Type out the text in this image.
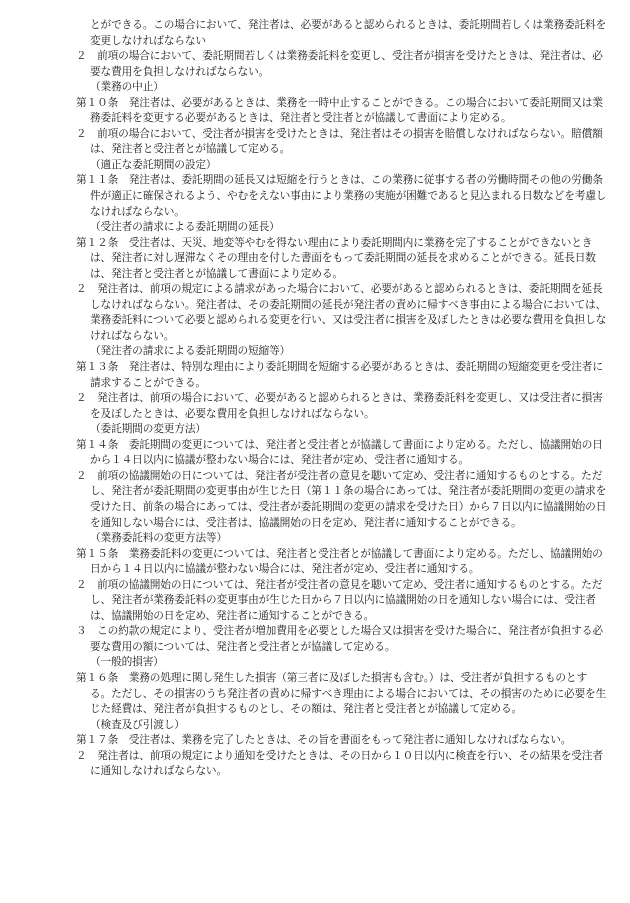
とができる。この場合において、発注者は、必要があると認められるときは、委託期間若しくは業務委託料を変更しなければならない

２　前項の場合において、委託期間若しくは業務委託料を変更し、受注者が損害を受けたときは、発注者は、必要な費用を負担しなければならない。

（業務の中止）

第１０条　発注者は、必要があるときは、業務を一時中止することができる。この場合において委託期間又は業務委託料を変更する必要があるときは、発注者と受注者とが協議して書面により定める。

２　前項の場合において、受注者が損害を受けたときは、発注者はその損害を賠償しなければならない。賠償額は、発注者と受注者とが協議して定める。

（適正な委託期間の設定）

第１１条　発注者は、委託期間の延長又は短縮を行うときは、この業務に従事する者の労働時間その他の労働条件が適正に確保されるよう、やむをえない事由により業務の実施が困難であると見込まれる日数などを考慮しなければならない。

（受注者の請求による委託期間の延長）

第１２条　受注者は、天災、地変等やむを得ない理由により委託期間内に業務を完了することができないときは、発注者に対し遅滞なくその理由を付した書面をもって委託期間の延長を求めることができる。延長日数は、発注者と受注者とが協議して書面により定める。

２　発注者は、前項の規定による請求があった場合において、必要があると認められるときは、委託期間を延長しなければならない。発注者は、その委託期間の延長が発注者の責めに帰すべき事由による場合においては、業務委託料について必要と認められる変更を行い、又は受注者に損害を及ぼしたときは必要な費用を負担しなければならない。

（発注者の請求による委託期間の短縮等）

第１３条　発注者は、特別な理由により委託期間を短縮する必要があるときは、委託期間の短縮変更を受注者に請求することができる。

２　発注者は、前項の場合において、必要があると認められるときは、業務委託料を変更し、又は受注者に損害を及ぼしたときは、必要な費用を負担しなければならない。

（委託期間の変更方法）

第１４条　委託期間の変更については、発注者と受注者とが協議して書面により定める。ただし、協議開始の日から１４日以内に協議が整わない場合には、発注者が定め、受注者に通知する。

２　前項の協議開始の日については、発注者が受注者の意見を聴いて定め、受注者に通知するものとする。ただし、発注者が委託期間の変更事由が生じた日（第１１条の場合にあっては、発注者が委託期間の変更の請求を受けた日、前条の場合にあっては、受注者が委託期間の変更の請求を受けた日）から７日以内に協議開始の日を通知しない場合には、受注者は、協議開始の日を定め、発注者に通知することができる。

（業務委託料の変更方法等）

第１５条　業務委託料の変更については、発注者と受注者とが協議して書面により定める。ただし、協議開始の日から１４日以内に協議が整わない場合には、発注者が定め、受注者に通知する。

２　前項の協議開始の日については、発注者が受注者の意見を聴いて定め、受注者に通知するものとする。ただし、発注者が業務委託料の変更事由が生じた日から７日以内に協議開始の日を通知しない場合には、受注者は、協議開始の日を定め、発注者に通知することができる。

３　この約款の規定により、受注者が増加費用を必要とした場合又は損害を受けた場合に、発注者が負担する必要な費用の額については、発注者と受注者とが協議して定める。

（一般的損害）

第１６条　業務の処理に関し発生した損害（第三者に及ぼした損害も含む。）は、受注者が負担するものとする。ただし、その損害のうち発注者の責めに帰すべき理由による場合においては、その損害のために必要を生じた経費は、発注者が負担するものとし、その額は、発注者と受注者とが協議して定める。

（検査及び引渡し）

第１７条　受注者は、業務を完了したときは、その旨を書面をもって発注者に通知しなければならない。

２　発注者は、前項の規定により通知を受けたときは、その日から１０日以内に検査を行い、その結果を受注者に通知しなければならない。
